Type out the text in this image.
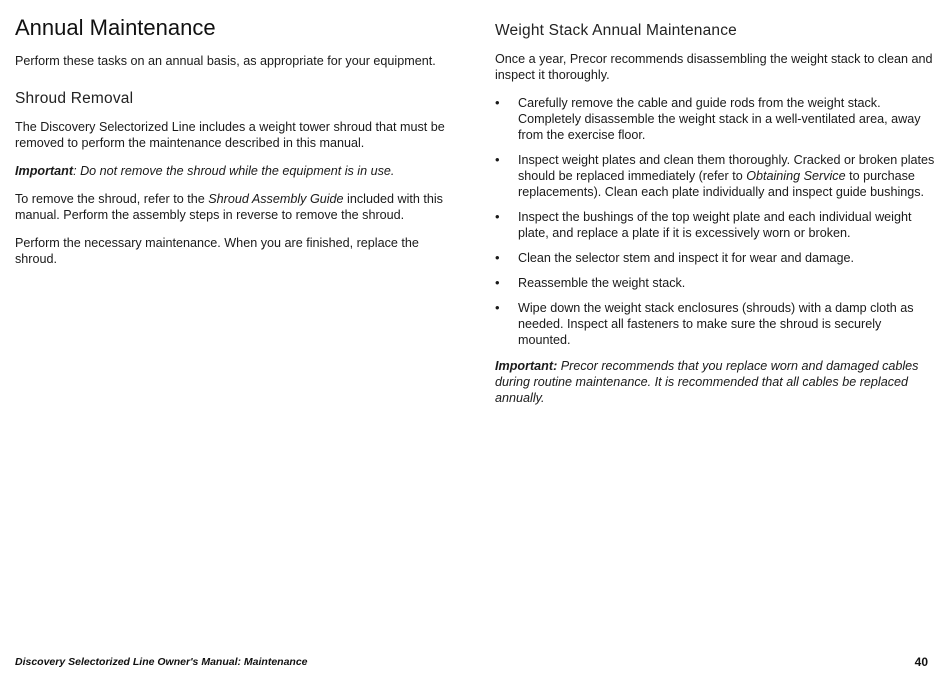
Annual Maintenance

Perform these tasks on an annual basis, as appropriate for your equipment.

Shroud Removal

The Discovery Selectorized Line includes a weight tower shroud that must be removed to perform the maintenance described in this manual.

Important: Do not remove the shroud while the equipment is in use.

To remove the shroud, refer to the Shroud Assembly Guide included with this manual. Perform the assembly steps in reverse to remove the shroud.

Perform the necessary maintenance. When you are finished, replace the shroud.

Weight Stack Annual Maintenance

Once a year, Precor recommends disassembling the weight stack to clean and inspect it thoroughly.

• Carefully remove the cable and guide rods from the weight stack. Completely disassemble the weight stack in a well-ventilated area, away from the exercise floor.
• Inspect weight plates and clean them thoroughly. Cracked or broken plates should be replaced immediately (refer to Obtaining Service to purchase replacements). Clean each plate individually and inspect guide bushings.
• Inspect the bushings of the top weight plate and each individual weight plate, and replace a plate if it is excessively worn or broken.
• Clean the selector stem and inspect it for wear and damage.
• Reassemble the weight stack.
• Wipe down the weight stack enclosures (shrouds) with a damp cloth as needed. Inspect all fasteners to make sure the shroud is securely mounted.

Important: Precor recommends that you replace worn and damaged cables during routine maintenance. It is recommended that all cables be replaced annually.

Discovery Selectorized Line Owner's Manual: Maintenance	40
